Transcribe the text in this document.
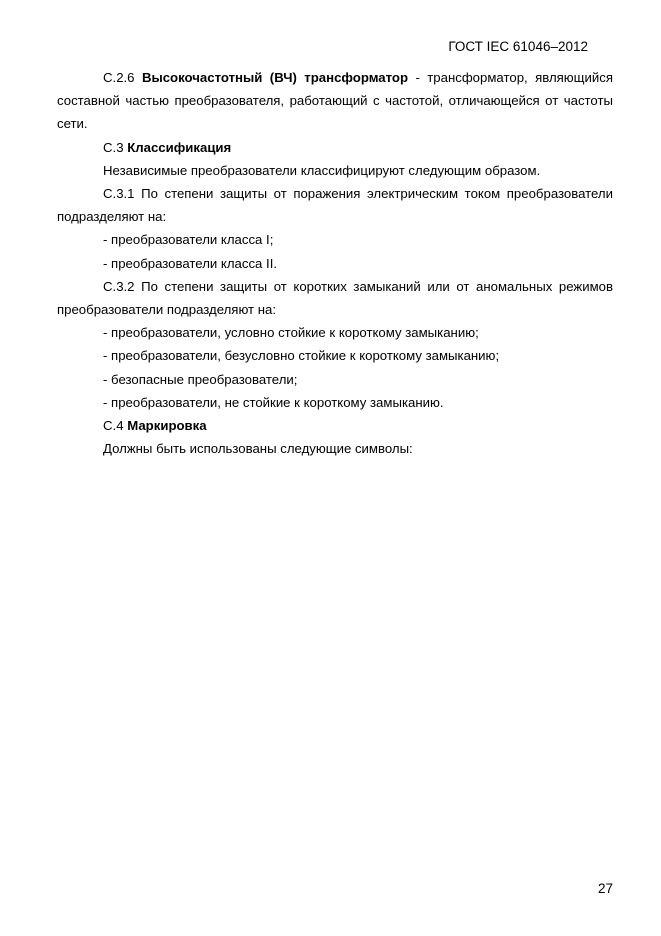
ГОСТ IEC 61046–2012

С.2.6 Высокочастотный (ВЧ) трансформатор - трансформатор, являющийся составной частью преобразователя, работающий с частотой, отличающейся от частоты сети.

С.3 Классификация

Независимые преобразователи классифицируют следующим образом.

С.3.1 По степени защиты от поражения электрическим током преобразователи подразделяют на:

- преобразователи класса I;

- преобразователи класса II.

С.3.2 По степени защиты от коротких замыканий или от аномальных режимов преобразователи подразделяют на:

- преобразователи, условно стойкие к короткому замыканию;

- преобразователи, безусловно стойкие к короткому замыканию;

- безопасные преобразователи;

- преобразователи, не стойкие к короткому замыканию.

С.4 Маркировка

Должны быть использованы следующие символы:

27
